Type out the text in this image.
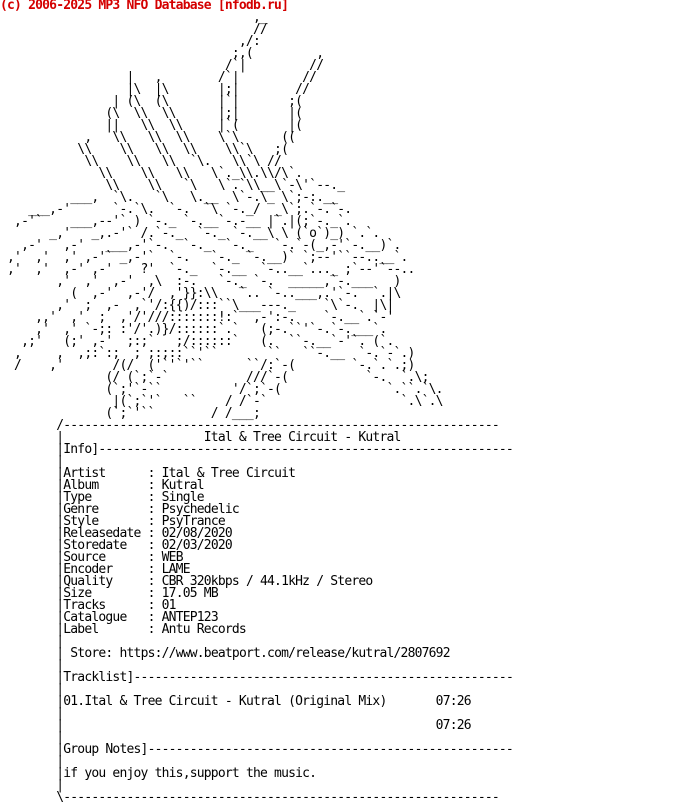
(c) 2006-2025 MP3 NFO Database [nfodb.ru]
,_
//
,/:
;,(         ,
/`|         //
|   ,        /`|         //
|\  |\       |;|        //
| (\  (\       |`|       ;(
(\  \\  \\      |;|       |(
||   \\  \\     |`(       |(
,   \\   \\  \\    \`\      ((
\\    \\   \\  \\    \\`\   ;(
\\    \\   \\  `\.   \\`\ //
\\    \\   \\   \`._\\.\\/\`.
\\    \\   `\   \`.`\\__\`-\'`--._
___,  `\.   `\   \.__  \`-.\_ \`;-:.__
___,-'      `-.`\.  `-.  `\ `-._/  _\`;.`-.`-.
,-'`    ___,--'` ) `-._ `-.__`-.-__ |`.|(;`-._`.
_,'   _,.-'` /.`-._  `-._ `-.__\ \ (`o`)_) `.`.
,-'   ,-'   ___,-'`-.  `-._  `-._   `-.`-(_,-'`-.__)`.
,'  ,'  ,' ,-'` _,-'`  `-.   `-._ `-.__)` `;--'``--..__`.
,'  ,'  ,-' ,-'    ?'  `-._  `-.__  `-..__`..._ ;`--'`--..
,'  ,'  ,-'  ,\  :-.   `-._ `-.  _____,`-.___   )
(  ,-'  ,-'/  ,'}}:\\   `.. `-..___,.'`-.  `.|\
,'  ;  ,-  ,`'/:{{)/:::``\___---._    `\`-.  |\|
,,'  ,'  ;  ,'/'///:::::::!:`  ,-':-.    `-.__`.`-'
,'  ,' `-;: :'/'.)}/::::::`.`   (;-.``'`-.`-.___`.
,;'   (;' ,-'  ;:;`   ;/::::::`   (.  ``-.__`-'`. (`.
,     ,  ,;:`:;  ; ;:;::``'``       ``   ``-.__  `-.`-`.)
/    ,'       /(/  ('`'`'``      ``/:`-(        `-.`.`.;)
(/ (`;`-`           ///`-(           `-.  `.\;
(`;'`-``          '/`;`-(               `.``.`\.
|(`;`'`   ``    / /`-`                   `.\`.\
(`;`'``        / /___;
/--------------------------------------------------------------
|                    Ital & Tree Circuit - Kutral
|Info]-----------------------------------------------------------
|
|Artist      : Ital & Tree Circuit
|Album       : Kutral
|Type        : Single
|Genre       : Psychedelic
|Style       : PsyTrance
|Releasedate : 02/08/2020
|Storedate   : 02/03/2020
|Source      : WEB
|Encoder     : LAME
|Quality     : CBR 320kbps / 44.1kHz / Stereo
|Size        : 17.05 MB
|Tracks      : 01
|Catalogue   : ANTEP123
|Label       : Antu Records
|
| Store: https://www.beatport.com/release/kutral/2807692
|
|Tracklist]------------------------------------------------------
|
|01.Ital & Tree Circuit - Kutral (Original Mix)	07:26
|
|                                                     07:26
|
|Group Notes]----------------------------------------------------
|
|if you enjoy this,support the music.
|
\--------------------------------------------------------------
